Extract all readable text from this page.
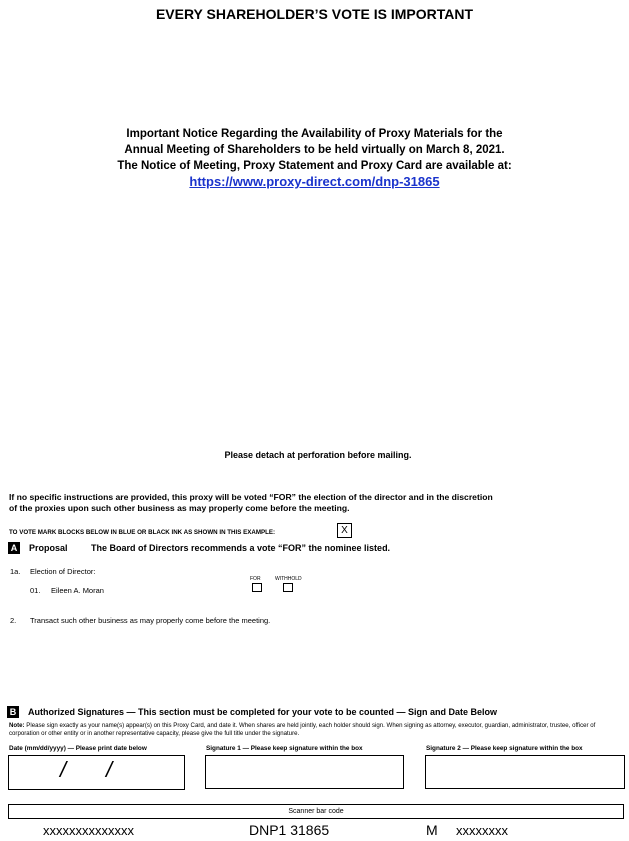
EVERY SHAREHOLDER’S VOTE IS IMPORTANT
Important Notice Regarding the Availability of Proxy Materials for the
Annual Meeting of Shareholders to be held virtually on March 8, 2021.
The Notice of Meeting, Proxy Statement and Proxy Card are available at:
https://www.proxy-direct.com/dnp-31865
Please detach at perforation before mailing.
If no specific instructions are provided, this proxy will be voted “FOR” the election of the director and in the discretion
of the proxies upon such other business as may properly come before the meeting.
TO VOTE MARK BLOCKS BELOW IN BLUE OR BLACK INK AS SHOWN IN THIS EXAMPLE:	X
A	Proposal	The Board of Directors recommends a vote “FOR” the nominee listed.
1a. Election of Director:
01. Eileen A. Moran
FOR	WITHHOLD
2. Transact such other business as may properly come before the meeting.
B	Authorized Signatures — This section must be completed for your vote to be counted — Sign and Date Below
Note: Please sign exactly as your name(s) appear(s) on this Proxy Card, and date it. When shares are held jointly, each holder should sign. When signing as attorney, executor, guardian, administrator, trustee, officer of corporation or other entity or in another representative capacity, please give the full title under the signature.
Date (mm/dd/yyyy) — Please print date below	Signature 1 — Please keep signature within the box	Signature 2 — Please keep signature within the box
/ /
Scanner bar code
xxxxxxxxxxxxxx	DNP1 31865	M xxxxxxxx
